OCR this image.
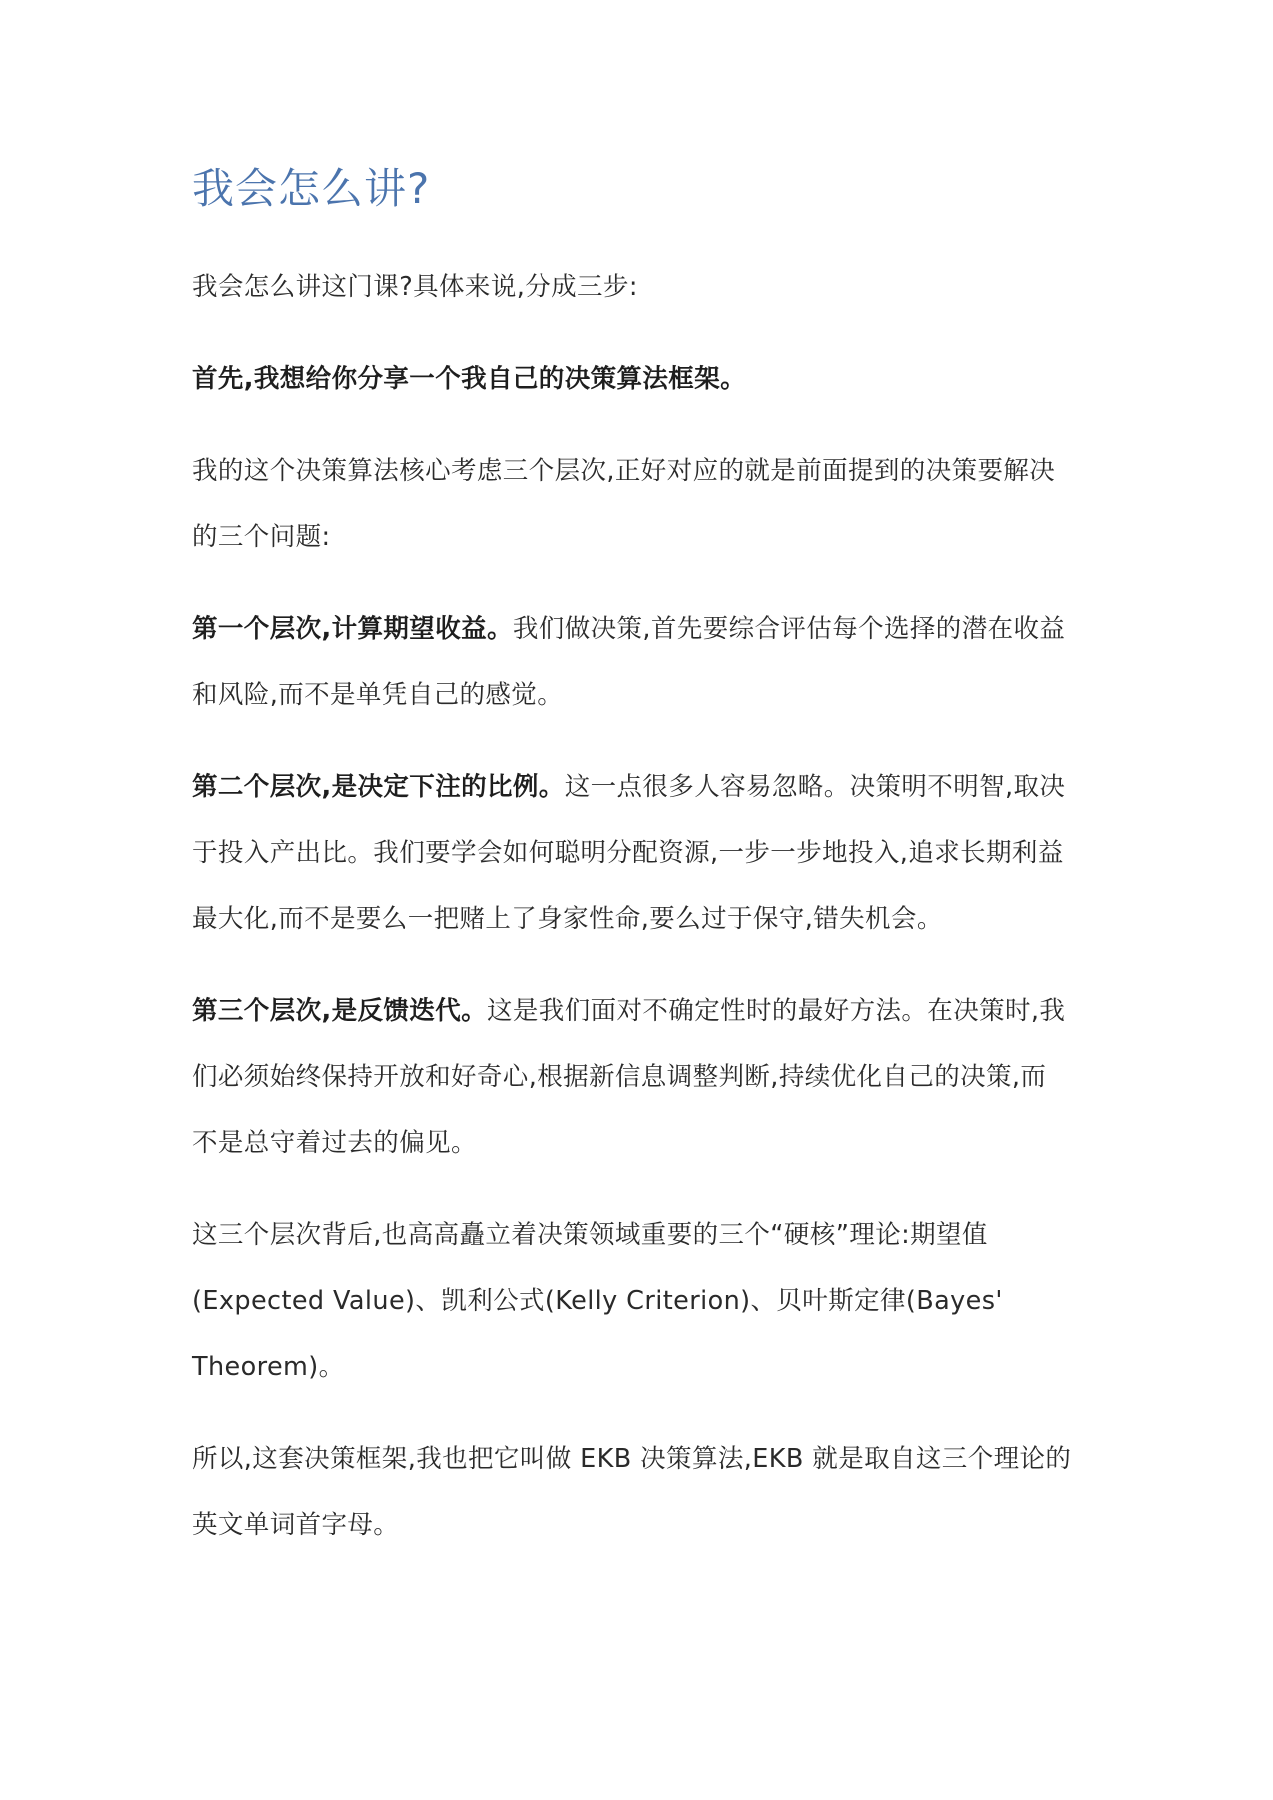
我会怎么讲?

我会怎么讲这门课?具体来说,分成三步:

首先,我想给你分享一个我自己的决策算法框架。

我的这个决策算法核心考虑三个层次,正好对应的就是前面提到的决策要解决的三个问题:

第一个层次,计算期望收益。我们做决策,首先要综合评估每个选择的潜在收益和风险,而不是单凭自己的感觉。

第二个层次,是决定下注的比例。这一点很多人容易忽略。决策明不明智,取决于投入产出比。我们要学会如何聪明分配资源,一步一步地投入,追求长期利益最大化,而不是要么一把赌上了身家性命,要么过于保守,错失机会。

第三个层次,是反馈迭代。这是我们面对不确定性时的最好方法。在决策时,我们必须始终保持开放和好奇心,根据新信息调整判断,持续优化自己的决策,而不是总守着过去的偏见。

这三个层次背后,也高高矗立着决策领域重要的三个“硬核”理论:期望值(Expected Value)、凯利公式(Kelly Criterion)、贝叶斯定律(Bayes' Theorem)。

所以,这套决策框架,我也把它叫做 EKB 决策算法,EKB 就是取自这三个理论的英文单词首字母。
